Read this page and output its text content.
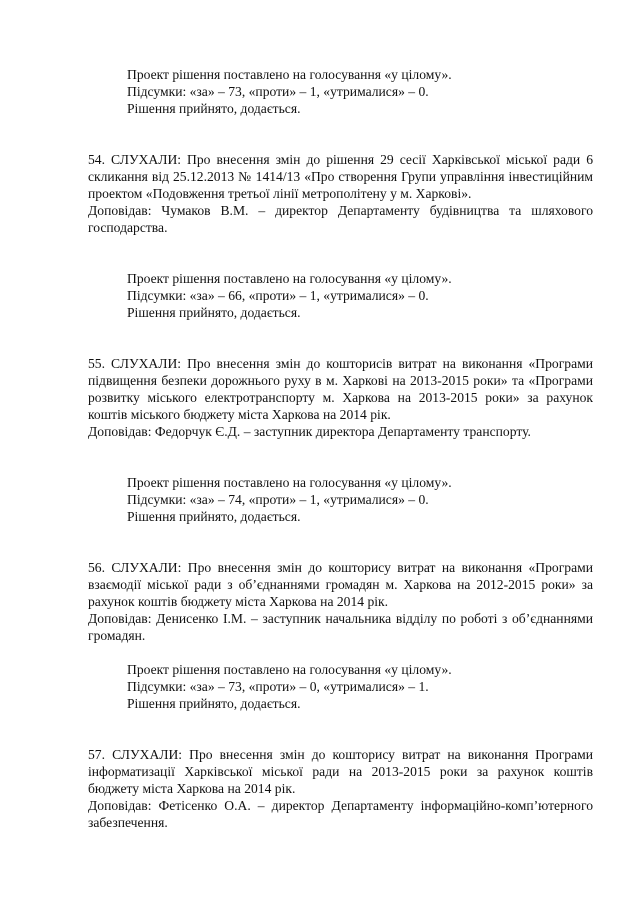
Проект рішення поставлено на голосування «у цілому».

Підсумки: «за» – 73, «проти» – 1, «утрималися» – 0.

Рішення прийнято, додається.

54. СЛУХАЛИ: Про внесення змін до рішення 29 сесії Харківської міської ради 6 скликання від 25.12.2013 № 1414/13 «Про створення Групи управління інвестиційним проектом «Подовження третьої лінії метрополітену у м. Харкові».

Доповідав: Чумаков В.М. – директор Департаменту будівництва та шляхового господарства.

Проект рішення поставлено на голосування «у цілому».

Підсумки: «за» – 66, «проти» – 1, «утрималися» – 0.

Рішення прийнято, додається.

55. СЛУХАЛИ: Про внесення змін до кошторисів витрат на виконання «Програми підвищення безпеки дорожнього руху в м. Харкові на 2013-2015 роки» та «Програми розвитку міського електротранспорту м. Харкова на 2013-2015 роки» за рахунок коштів міського бюджету міста Харкова на 2014 рік.

Доповідав: Федорчук Є.Д. – заступник директора Департаменту транспорту.

Проект рішення поставлено на голосування «у цілому».

Підсумки: «за» – 74, «проти» – 1, «утрималися» – 0.

Рішення прийнято, додається.

56. СЛУХАЛИ: Про внесення змін до кошторису витрат на виконання «Програми взаємодії міської ради з об’єднаннями громадян м. Харкова на 2012-2015 роки» за рахунок коштів бюджету міста Харкова на 2014 рік.

Доповідав: Денисенко І.М. – заступник начальника відділу по роботі з об’єднаннями громадян.

Проект рішення поставлено на голосування «у цілому».

Підсумки: «за» – 73, «проти» – 0, «утрималися» – 1.

Рішення прийнято, додається.

57. СЛУХАЛИ: Про внесення змін до кошторису витрат на виконання Програми інформатизації Харківської міської ради на 2013-2015 роки за рахунок коштів бюджету міста Харкова на 2014 рік.

Доповідав: Фетісенко О.А. – директор Департаменту інформаційно-комп’ютерного забезпечення.
